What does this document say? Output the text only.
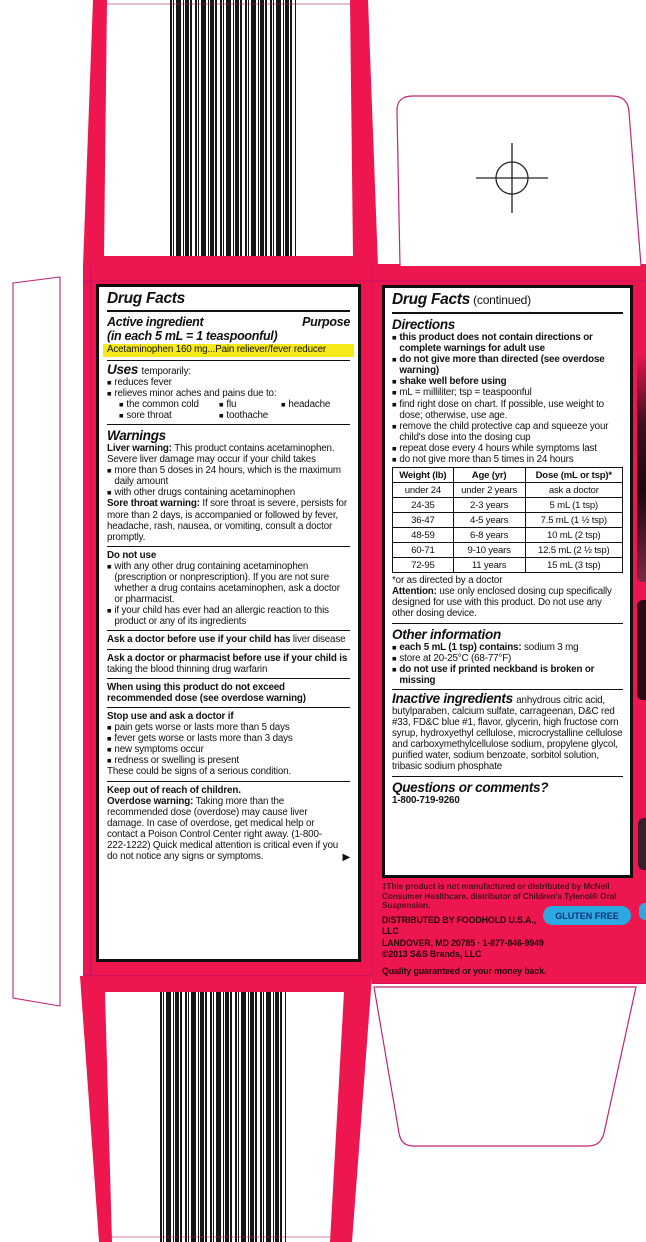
Drug Facts
Active ingredient	Purpose
(in each 5 mL = 1 teaspoonful)
Acetaminophen 160 mg...Pain reliever/fever reducer
Uses temporarily:
■ reduces fever
■ relieves minor aches and pains due to:
■ the common cold	■ flu	■ headache
■ sore throat	■ toothache
Warnings
Liver warning: This product contains acetaminophen. Severe liver damage may occur if your child takes
■ more than 5 doses in 24 hours, which is the maximum daily amount
■ with other drugs containing acetaminophen
Sore throat warning: If sore throat is severe, persists for more than 2 days, is accompanied or followed by fever, headache, rash, nausea, or vomiting, consult a doctor promptly.
Do not use
■ with any other drug containing acetaminophen (prescription or nonprescription). If you are not sure whether a drug contains acetaminophen, ask a doctor or pharmacist.
■ if your child has ever had an allergic reaction to this product or any of its ingredients
Ask a doctor before use if your child has liver disease
Ask a doctor or pharmacist before use if your child is taking the blood thinning drug warfarin
When using this product do not exceed recommended dose (see overdose warning)
Stop use and ask a doctor if
■ pain gets worse or lasts more than 5 days
■ fever gets worse or lasts more than 3 days
■ new symptoms occur
■ redness or swelling is present
These could be signs of a serious condition.
Keep out of reach of children.
Overdose warning: Taking more than the recommended dose (overdose) may cause liver damage. In case of overdose, get medical help or contact a Poison Control Center right away. (1-800-222-1222) Quick medical attention is critical even if you do not notice any signs or symptoms.	▶
Drug Facts (continued)
Directions
■ this product does not contain directions or complete warnings for adult use
■ do not give more than directed (see overdose warning)
■ shake well before using
■ mL = milliliter; tsp = teaspoonful
■ find right dose on chart. If possible, use weight to dose; otherwise, use age.
■ remove the child protective cap and squeeze your child's dose into the dosing cup
■ repeat dose every 4 hours while symptoms last
■ do not give more than 5 times in 24 hours
Weight (lb)	Age (yr)	Dose (mL or tsp)*
under 24	under 2 years	ask a doctor
24-35	2-3 years	5 mL (1 tsp)
36-47	4-5 years	7.5 mL (1 ½ tsp)
48-59	6-8 years	10 mL (2 tsp)
60-71	9-10 years	12.5 mL (2 ½ tsp)
72-95	11 years	15 mL (3 tsp)
*or as directed by a doctor
Attention: use only enclosed dosing cup specifically designed for use with this product. Do not use any other dosing device.
Other information
■ each 5 mL (1 tsp) contains: sodium 3 mg
■ store at 20-25°C (68-77°F)
■ do not use if printed neckband is broken or missing
Inactive ingredients anhydrous citric acid, butylparaben, calcium sulfate, carrageenan, D&C red #33, FD&C blue #1, flavor, glycerin, high fructose corn syrup, hydroxyethyl cellulose, microcrystalline cellulose and carboxymethylcellulose sodium, propylene glycol, purified water, sodium benzoate, sorbitol solution, tribasic sodium phosphate
Questions or comments?
1-800-719-9260
‡This product is not manufactured or distributed by McNeil Consumer Healthcare, distributor of Children's Tylenol® Oral Suspension.
DISTRIBUTED BY FOODHOLD U.S.A., LLC
LANDOVER, MD 20785 · 1-877-846-9949
©2013 S&S Brands, LLC
Quality guaranteed or your money back.
GLUTEN FREE
